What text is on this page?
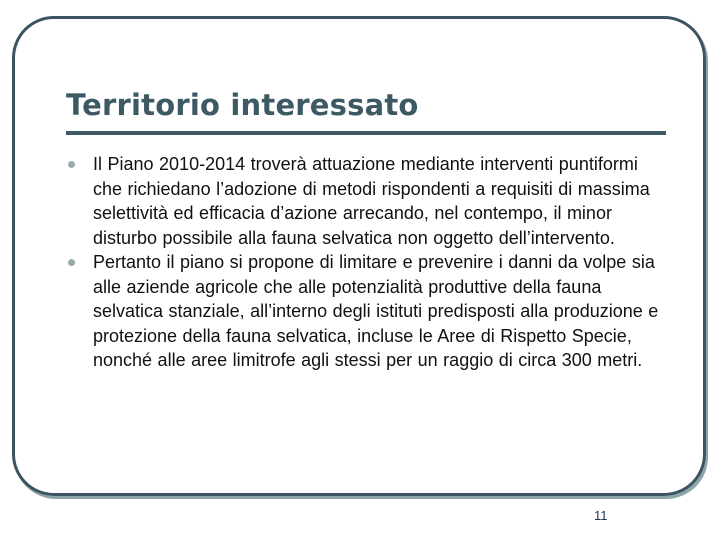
Territorio interessato
Il Piano 2010-2014 troverà attuazione mediante interventi puntiformi che richiedano l’adozione di metodi rispondenti a requisiti di massima selettività ed efficacia d’azione arrecando, nel contempo, il minor disturbo possibile alla fauna selvatica non oggetto dell’intervento.
Pertanto il piano si propone di limitare e prevenire i danni da volpe sia alle aziende agricole che alle potenzialità produttive della fauna selvatica stanziale, all’interno degli istituti predisposti alla produzione e protezione della fauna selvatica, incluse le Aree di Rispetto Specie, nonché alle aree limitrofe agli stessi per un raggio di circa 300 metri.
11
